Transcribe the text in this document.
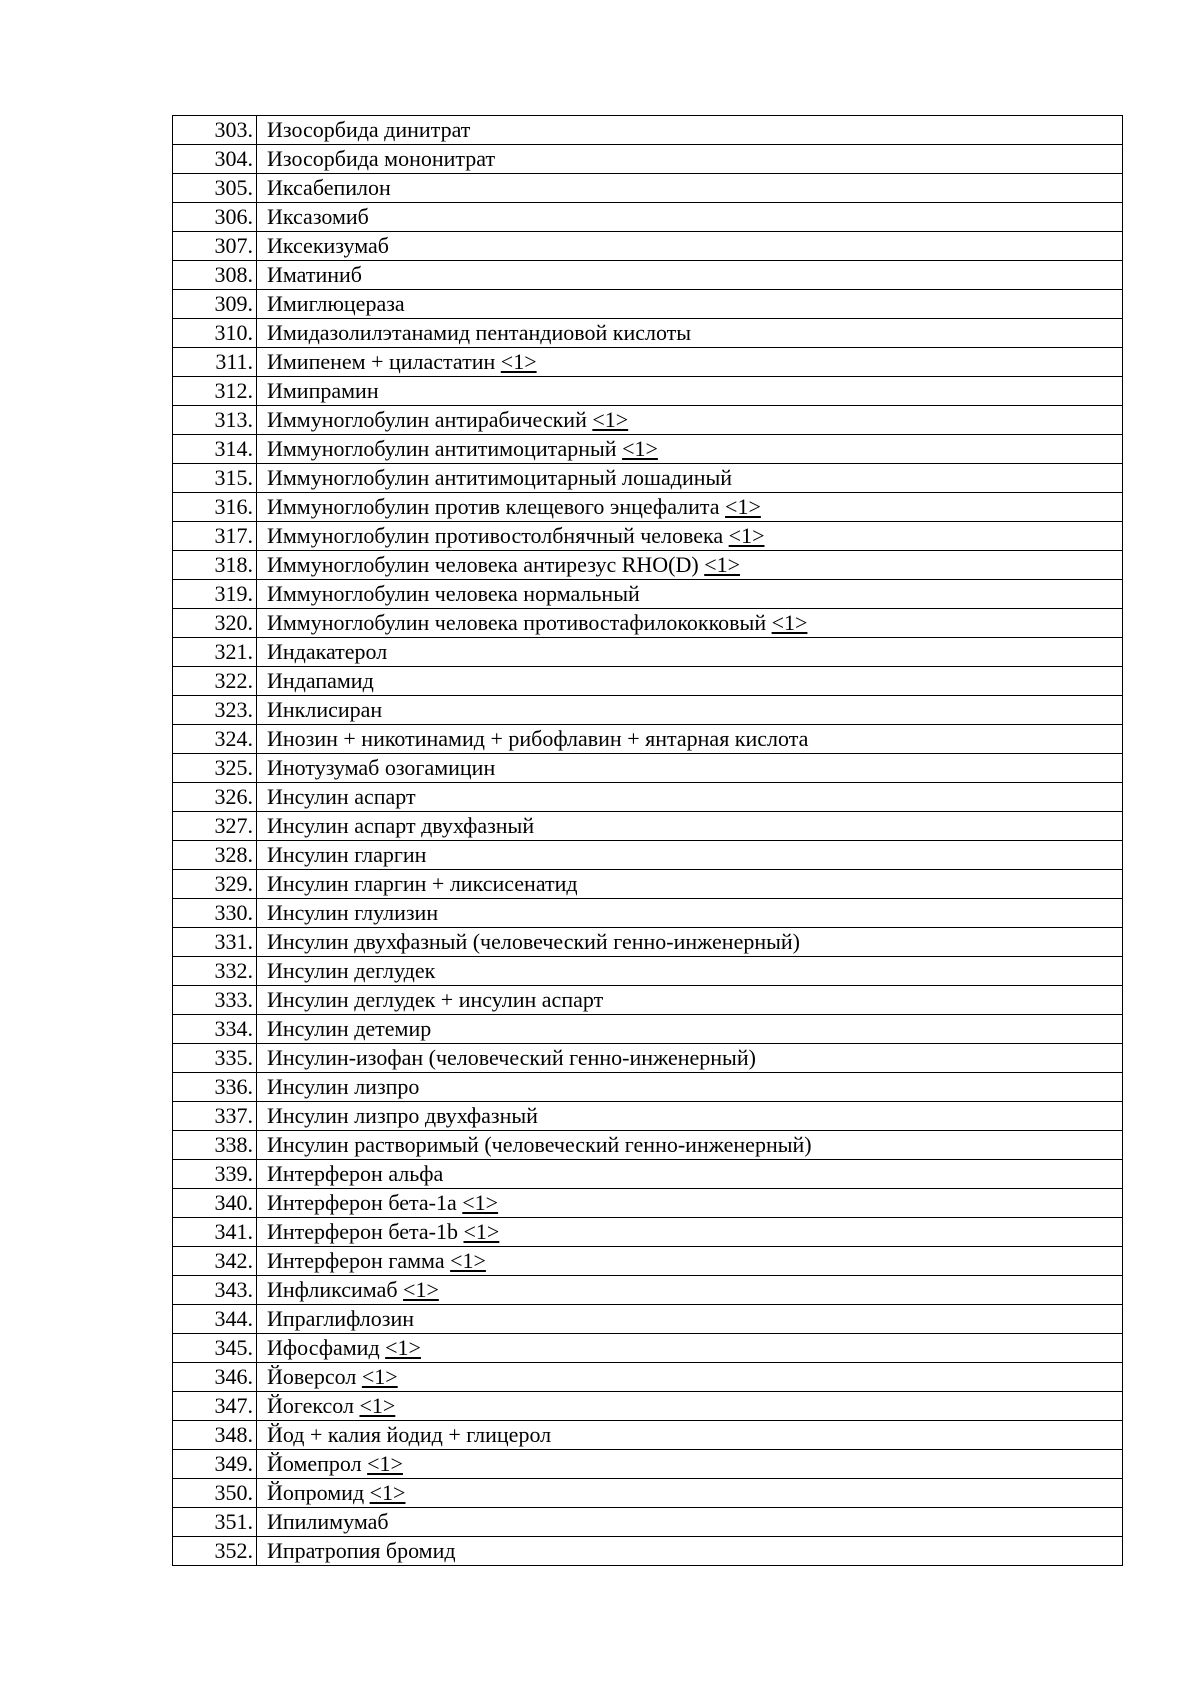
303.	Изосорбида динитрат
304.	Изосорбида мононитрат
305.	Иксабепилон
306.	Иксазомиб
307.	Иксекизумаб
308.	Иматиниб
309.	Имиглюцераза
310.	Имидазолилэтанамид пентандиовой кислоты
311.	Имипенем + циластатин <1>
312.	Имипрамин
313.	Иммуноглобулин антирабический <1>
314.	Иммуноглобулин антитимоцитарный <1>
315.	Иммуноглобулин антитимоцитарный лошадиный
316.	Иммуноглобулин против клещевого энцефалита <1>
317.	Иммуноглобулин противостолбнячный человека <1>
318.	Иммуноглобулин человека антирезус RHO(D) <1>
319.	Иммуноглобулин человека нормальный
320.	Иммуноглобулин человека противостафилококковый <1>
321.	Индакатерол
322.	Индапамид
323.	Инклисиран
324.	Инозин + никотинамид + рибофлавин + янтарная кислота
325.	Инотузумаб озогамицин
326.	Инсулин аспарт
327.	Инсулин аспарт двухфазный
328.	Инсулин гларгин
329.	Инсулин гларгин + ликсисенатид
330.	Инсулин глулизин
331.	Инсулин двухфазный (человеческий генно-инженерный)
332.	Инсулин деглудек
333.	Инсулин деглудек + инсулин аспарт
334.	Инсулин детемир
335.	Инсулин-изофан (человеческий генно-инженерный)
336.	Инсулин лизпро
337.	Инсулин лизпро двухфазный
338.	Инсулин растворимый (человеческий генно-инженерный)
339.	Интерферон альфа
340.	Интерферон бета-1a <1>
341.	Интерферон бета-1b <1>
342.	Интерферон гамма <1>
343.	Инфликсимаб <1>
344.	Ипраглифлозин
345.	Ифосфамид <1>
346.	Йоверсол <1>
347.	Йогексол <1>
348.	Йод + калия йодид + глицерол
349.	Йомепрол <1>
350.	Йопромид <1>
351.	Ипилимумаб
352.	Ипратропия бромид
